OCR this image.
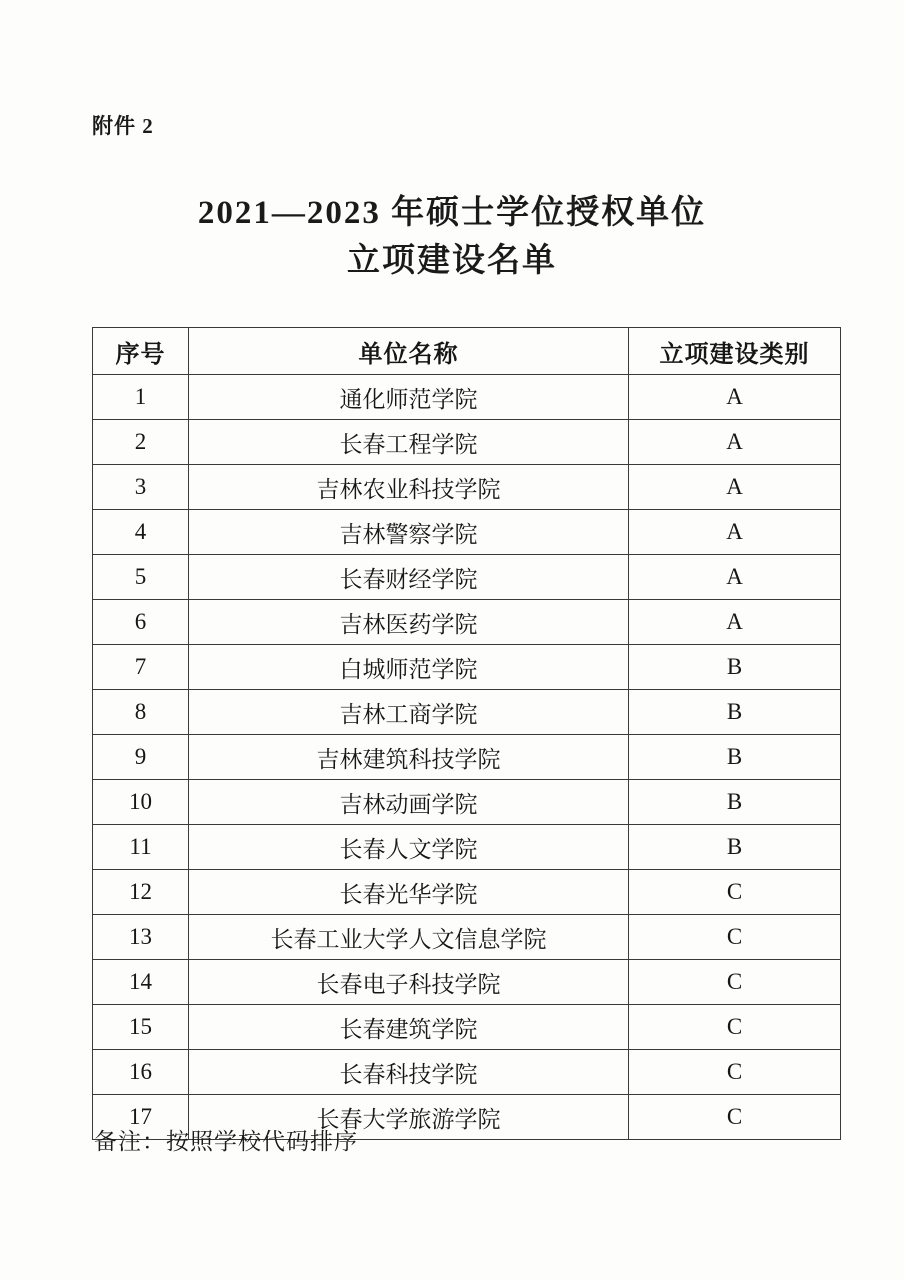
附件 2
2021—2023 年硕士学位授权单位
立项建设名单
序号	单位名称	立项建设类别
1	通化师范学院	A
2	长春工程学院	A
3	吉林农业科技学院	A
4	吉林警察学院	A
5	长春财经学院	A
6	吉林医药学院	A
7	白城师范学院	B
8	吉林工商学院	B
9	吉林建筑科技学院	B
10	吉林动画学院	B
11	长春人文学院	B
12	长春光华学院	C
13	长春工业大学人文信息学院	C
14	长春电子科技学院	C
15	长春建筑学院	C
16	长春科技学院	C
17	长春大学旅游学院	C
备注：按照学校代码排序
